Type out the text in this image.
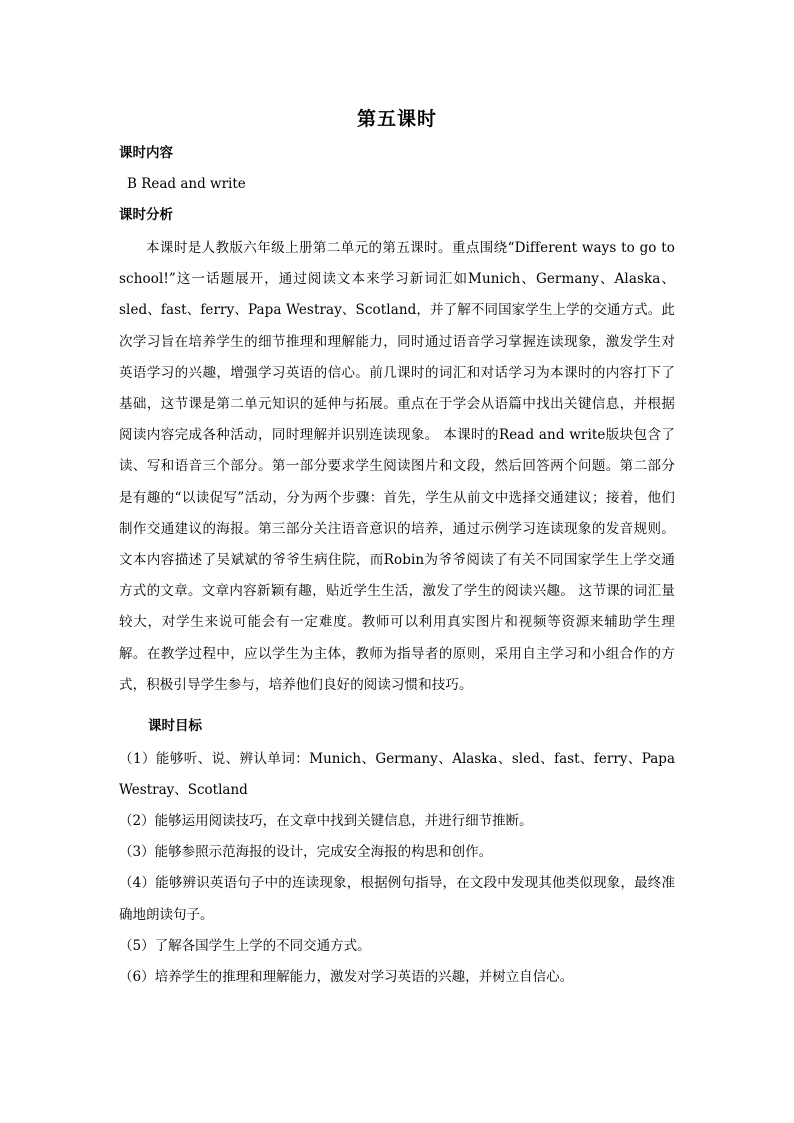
第五课时

课时内容

B Read and write

课时分析

本课时是人教版六年级上册第二单元的第五课时。重点围绕“Different ways to go to school!”这一话题展开，通过阅读文本来学习新词汇如Munich、Germany、Alaska、sled、fast、ferry、Papa Westray、Scotland，并了解不同国家学生上学的交通方式。此次学习旨在培养学生的细节推理和理解能力，同时通过语音学习掌握连读现象，激发学生对英语学习的兴趣，增强学习英语的信心。前几课时的词汇和对话学习为本课时的内容打下了基础，这节课是第二单元知识的延伸与拓展。重点在于学会从语篇中找出关键信息，并根据阅读内容完成各种活动，同时理解并识别连读现象。 本课时的Read and write版块包含了读、写和语音三个部分。第一部分要求学生阅读图片和文段，然后回答两个问题。第二部分是有趣的“以读促写”活动，分为两个步骤：首先，学生从前文中选择交通建议；接着，他们制作交通建议的海报。第三部分关注语音意识的培养，通过示例学习连读现象的发音规则。文本内容描述了吴斌斌的爷爷生病住院，而Robin为爷爷阅读了有关不同国家学生上学交通方式的文章。文章内容新颖有趣，贴近学生生活，激发了学生的阅读兴趣。 这节课的词汇量较大，对学生来说可能会有一定难度。教师可以利用真实图片和视频等资源来辅助学生理解。在教学过程中，应以学生为主体，教师为指导者的原则，采用自主学习和小组合作的方式，积极引导学生参与，培养他们良好的阅读习惯和技巧。

课时目标

（1）能够听、说、辨认单词：Munich、Germany、Alaska、sled、fast、ferry、Papa Westray、Scotland

（2）能够运用阅读技巧，在文章中找到关键信息，并进行细节推断。

（3）能够参照示范海报的设计，完成安全海报的构思和创作。

（4）能够辨识英语句子中的连读现象，根据例句指导，在文段中发现其他类似现象，最终准确地朗读句子。

（5）了解各国学生上学的不同交通方式。

（6）培养学生的推理和理解能力，激发对学习英语的兴趣，并树立自信心。
